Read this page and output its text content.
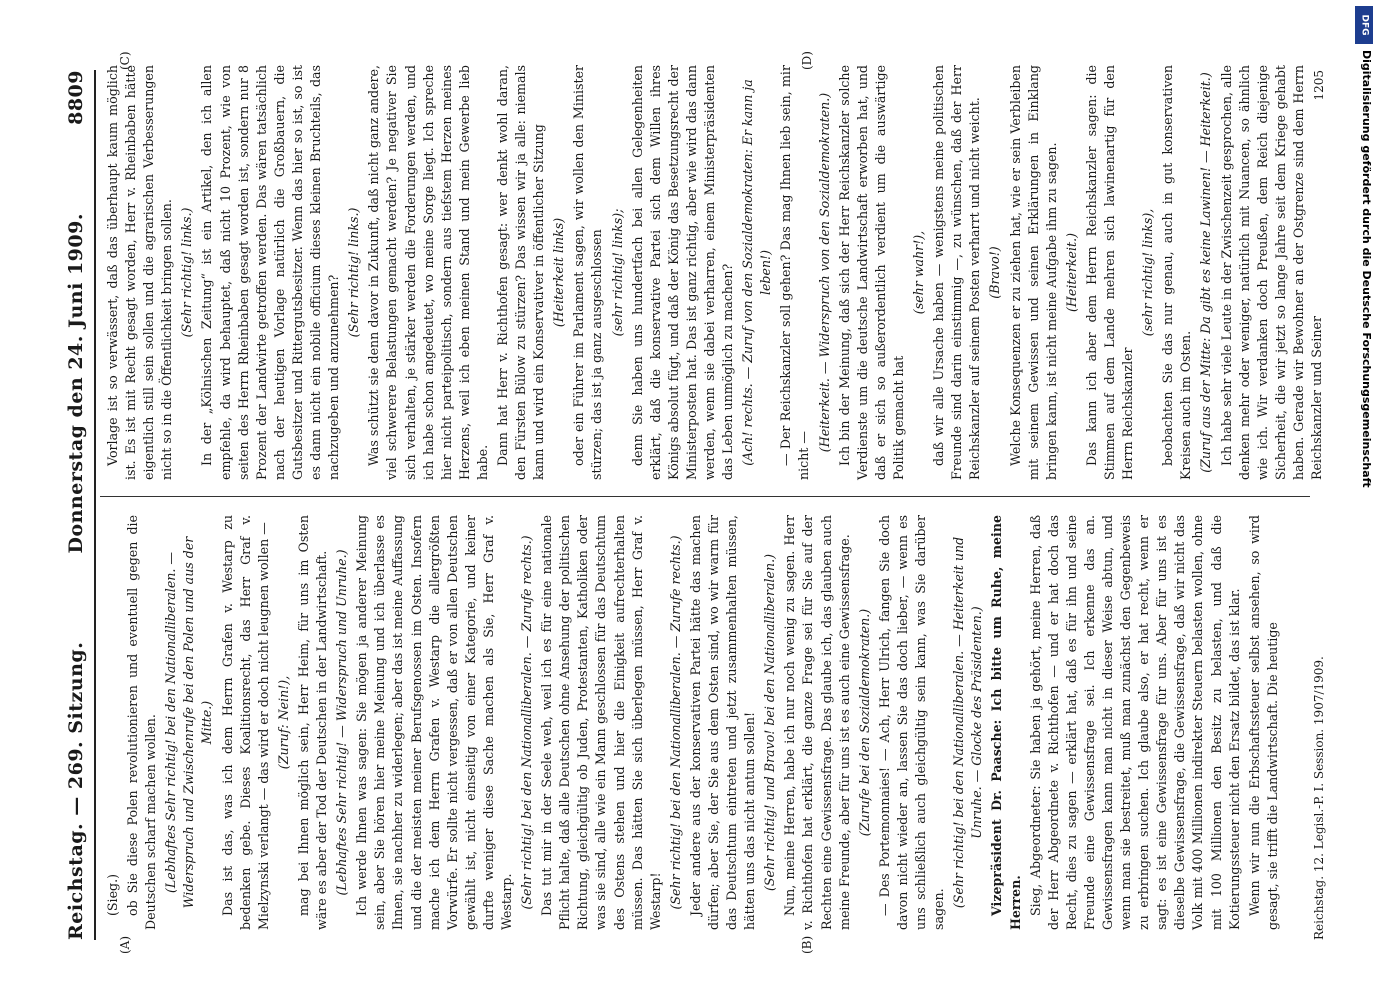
Reichstag. — 269. Sitzung.
Donnerstag den 24. Juni 1909.
8809
(A)	(B)
(C)	(D)

(Sieg.) ob Sie diese Polen revolutionieren und eventuell gegen die Deutschen scharf machen wollen. (Lebhaftes Sehr richtig! bei den Nationalliberalen. — Widerspruch und Zwischenrufe bei den Polen und aus der Mitte.) Das ist das, was ich dem Herrn Grafen v. Westarp zu bedenken gebe. Dieses Koalitionsrecht, das Herr Graf v. Mielzynski verlangt — das wird er doch nicht leugnen wollen — (Zuruf: Nein!), mag bei Ihnen möglich sein, Herr Heim, für uns im Osten wäre es aber der Tod der Deutschen in der Landwirtschaft. (Lebhaftes Sehr richtig! — Widerspruch und Unruhe.) Ich werde Ihnen was sagen: Sie mögen ja anderer Meinung sein, aber Sie hören hier meine Meinung und ich überlasse es Ihnen, sie nachher zu widerlegen; aber das ist meine Auffassung und die der meisten meiner Berufsgenossen im Osten. Insofern mache ich dem Herrn Grafen v. Westarp die allergrößten Vorwürfe. Er sollte nicht vergessen, daß er von allen Deutschen gewählt ist, nicht einseitig von einer Kategorie, und keiner durfte weniger diese Sache machen als Sie, Herr Graf v. Westarp. (Sehr richtig! bei den Nationalliberalen. — Zurufe rechts.) Das tut mir in der Seele weh, weil ich es für eine nationale Pflicht halte, daß alle Deutschen ohne Ansehung der politischen Richtung, gleichgültig ob Juden, Protestanten, Katholiken oder was sie sind, alle wie ein Mann geschlossen für das Deutschtum des Ostens stehen und hier die Einigkeit aufrechterhalten müssen. Das hätten Sie sich überlegen müssen, Herr Graf v. Westarp! (Sehr richtig! bei den Nationalliberalen. — Zurufe rechts.) Jeder andere aus der konservativen Partei hätte das machen dürfen; aber Sie, der Sie aus dem Osten sind, wo wir warm für das Deutschtum eintreten und jetzt zusammenhalten müssen, hätten uns das nicht antun sollen! (Sehr richtig! und Bravo! bei den Nationalliberalen.) Nun, meine Herren, habe ich nur noch wenig zu sagen. Herr v. Richthofen hat erklärt, die ganze Frage sei für Sie auf der Rechten eine Gewissensfrage. Das glaube ich, das glauben auch meine Freunde, aber für uns ist es auch eine Gewissensfrage. (Zurufe bei den Sozialdemokraten.) — Des Portemonnaies! — Ach, Herr Ulrich, fangen Sie doch davon nicht wieder an, lassen Sie das doch lieber, — wenn es uns schließlich auch gleichgültig sein kann, was Sie darüber sagen.

(Sehr richtig! bei den Nationalliberalen. — Heiterkeit und Unruhe. — Glocke des Präsidenten.) Vizepräsident Dr. Paasche: Ich bitte um Ruhe, meine Herren. Sieg, Abgeordneter: Sie haben ja gehört, meine Herren, daß der Herr Abgeordnete v. Richthofen — und er hat doch das Recht, dies zu sagen — erklärt hat, daß es für ihn und seine Freunde eine Gewissensfrage sei. Ich erkenne das an. Gewissensfragen kann man nicht in dieser Weise abtun, und wenn man sie bestreitet, muß man zunächst den Gegenbeweis zu erbringen suchen. Ich glaube also, er hat recht, wenn er sagt: es ist eine Gewissensfrage für uns. Aber für uns ist es dieselbe Gewissensfrage, die Gewissensfrage, daß wir nicht das Volk mit 400 Millionen indirekter Steuern belasten wollen, ohne mit 100 Millionen den Besitz zu belasten, und daß die Kotierungssteuer nicht den Ersatz bildet, das ist klar. Wenn wir nun die Erbschaftssteuer selbst ansehen, so wird gesagt, sie trifft die Landwirtschaft. Die heutige

Vorlage ist so verwässert, daß das überhaupt kaum möglich ist. Es ist mit Recht gesagt worden, Herr v. Rheinbaben hätte eigentlich still sein sollen und die agrarischen Verbesserungen nicht so in die Öffentlichkeit bringen sollen. (Sehr richtig! links.) In der „Kölnischen Zeitung“ ist ein Artikel, den ich allen empfehle, da wird behauptet, daß nicht 10 Prozent, wie von seiten des Herrn Rheinbaben gesagt worden ist, sondern nur 8 Prozent der Landwirte getroffen werden. Das wären tatsächlich nach der heutigen Vorlage natürlich die Großbauern, die Gutsbesitzer und Rittergutsbesitzer. Wenn das hier so ist, so ist es dann nicht ein nobile officium dieses kleinen Bruchteils, das nachzugeben und anzunehmen?

(Sehr richtig! links.) Was schützt sie denn davor in Zukunft, daß nicht ganz andere, viel schwerere Belastungen gemacht werden? Je negativer Sie sich verhalten, je stärker werden die Forderungen werden, und ich habe schon angedeutet, wo meine Sorge liegt. Ich spreche hier nicht parteipolitisch, sondern aus tiefstem Herzen meines Herzens, weil ich eben meinen Stand und mein Gewerbe lieb habe. Dann hat Herr v. Richthofen gesagt: wer denkt wohl daran, den Fürsten Bülow zu stürzen? Das wissen wir ja alle: niemals kann und wird ein Konservativer in öffentlicher Sitzung (Heiterkeit links) oder ein Führer im Parlament sagen, wir wollen den Minister stürzen; das ist ja ganz ausgeschlossen (sehr richtig! links); denn Sie haben uns hundertfach bei allen Gelegenheiten erklärt, daß die konservative Partei sich dem Willen ihres Königs absolut fügt, und daß der König das Besetzungsrecht der Ministerposten hat. Das ist ganz richtig, aber wie wird das dann werden, wenn sie dabei verharren, einem Ministerpräsidenten das Leben unmöglich zu machen? (Ach! rechts. — Zuruf von den Sozialdemokraten: Er kann ja leben!) — Der Reichskanzler soll gehen? Das mag Ihnen lieb sein, mir nicht —

(Heiterkeit. — Widerspruch von den Sozialdemokraten.) Ich bin der Meinung, daß sich der Herr Reichskanzler solche Verdienste um die deutsche Landwirtschaft erworben hat, und daß er sich so außerordentlich verdient um die auswärtige Politik gemacht hat

(sehr wahr!), daß wir alle Ursache haben — wenigstens meine politischen Freunde sind darin einstimmig —, zu wünschen, daß der Herr Reichskanzler auf seinem Posten verharrt und nicht weicht. (Bravo!) Welche Konsequenzen er zu ziehen hat, wie er sein Verbleiben mit seinem Gewissen und seinen Erklärungen in Einklang bringen kann, ist nicht meine Aufgabe ihm zu sagen. (Heiterkeit.) Das kann ich aber dem Herrn Reichskanzler sagen: die Stimmen auf dem Lande mehren sich lawinenartig für den Herrn Reichskanzler

(sehr richtig! links), beobachten Sie das nur genau, auch in gut konservativen Kreisen auch im Osten. (Zuruf aus der Mitte: Da gibt es keine Lawinen! — Heiterkeit.) Ich habe sehr viele Leute in der Zwischenzeit gesprochen, alle denken mehr oder weniger, natürlich mit Nuancen, so ähnlich wie ich. Wir verdanken doch Preußen, dem Reich diejenige Sicherheit, die wir jetzt so lange Jahre seit dem Kriege gehabt haben. Gerade wir Bewohner an der Ostgrenze sind dem Herrn Reichskanzler und Seiner

Reichstag. 12. Legisl.-P. I. Session. 1907/1909.
1205
DFG
Digitalisierung gefördert durch die Deutsche Forschungsgemeinschaft
